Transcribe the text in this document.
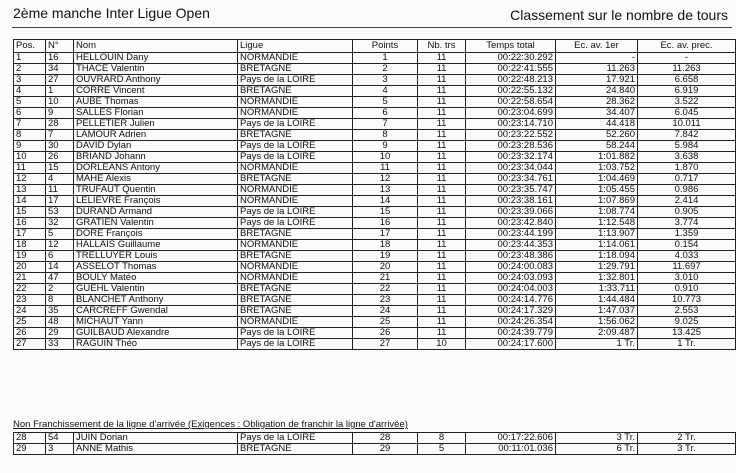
2ème manche Inter Ligue Open	Classement sur le nombre de tours
Pos.	N°	Nom	Ligue	Points	Nb. trs	Temps total	Ec. av. 1er	Ec. av. prec.
1	16	HELLOUIN Dany	NORMANDIE	1	11	00:22:30.292	-	-
2	34	THACE Valentin	BRETAGNE	2	11	00:22:41.555	11.263	11.263
3	27	OUVRARD Anthony	Pays de la LOIRE	3	11	00:22:48.213	17.921	6.658
4	1	CORRE Vincent	BRETAGNE	4	11	00:22:55.132	24.840	6.919
5	10	AUBE Thomas	NORMANDIE	5	11	00:22:58.654	28.362	3.522
6	9	SALLES Florian	NORMANDIE	6	11	00:23:04.699	34.407	6.045
7	28	PELLETIER Julien	Pays de la LOIRE	7	11	00:23:14.710	44.418	10.011
8	7	LAMOUR Adrien	BRETAGNE	8	11	00:23:22.552	52.260	7.842
9	30	DAVID Dylan	Pays de la LOIRE	9	11	00:23:28.536	58.244	5.984
10	26	BRIAND Johann	Pays de la LOIRE	10	11	00:23:32.174	1:01.882	3.638
11	15	DORLEANS Antony	NORMANDIE	11	11	00:23:34.044	1:03.752	1.870
12	4	MAHE Alexis	BRETAGNE	12	11	00:23:34.761	1:04.469	0.717
13	11	TRUFAUT Quentin	NORMANDIE	13	11	00:23:35.747	1:05.455	0.986
14	17	LELIEVRE François	NORMANDIE	14	11	00:23:38.161	1:07.869	2.414
15	53	DURAND Armand	Pays de la LOIRE	15	11	00:23:39.066	1:08.774	0.905
16	32	GRATIEN Valentin	Pays de la LOIRE	16	11	00:23:42.840	1:12.548	3.774
17	5	DORE François	BRETAGNE	17	11	00:23:44.199	1:13.907	1.359
18	12	HALLAIS Guillaume	NORMANDIE	18	11	00:23:44.353	1:14.061	0.154
19	6	TRELLUYER Louis	BRETAGNE	19	11	00:23:48.386	1:18.094	4.033
20	14	ASSELOT Thomas	NORMANDIE	20	11	00:24:00.083	1:29.791	11.697
21	47	BOULY Matéo	NORMANDIE	21	11	00:24:03.093	1:32.801	3.010
22	2	GUEHL Valentin	BRETAGNE	22	11	00:24:04.003	1:33.711	0.910
23	8	BLANCHET Anthony	BRETAGNE	23	11	00:24:14.776	1:44.484	10.773
24	35	CARCREFF Gwendal	BRETAGNE	24	11	00:24:17.329	1:47.037	2.553
25	48	MICHAUT Yann	NORMANDIE	25	11	00:24:26.354	1:56.062	9.025
26	29	GUILBAUD Alexandre	Pays de la LOIRE	26	11	00:24:39.779	2:09.487	13.425
27	33	RAGUIN Théo	Pays de la LOIRE	27	10	00:24:17.600	1 Tr.	1 Tr.
Non Franchissement de la ligne d'arrivée (Exigences : Obligation de franchir la ligne d'arrivée)
28	54	JUIN Dorian	Pays de la LOIRE	28	8	00:17:22.606	3 Tr.	2 Tr.
29	3	ANNE Mathis	BRETAGNE	29	5	00:11:01.036	6 Tr.	3 Tr.
